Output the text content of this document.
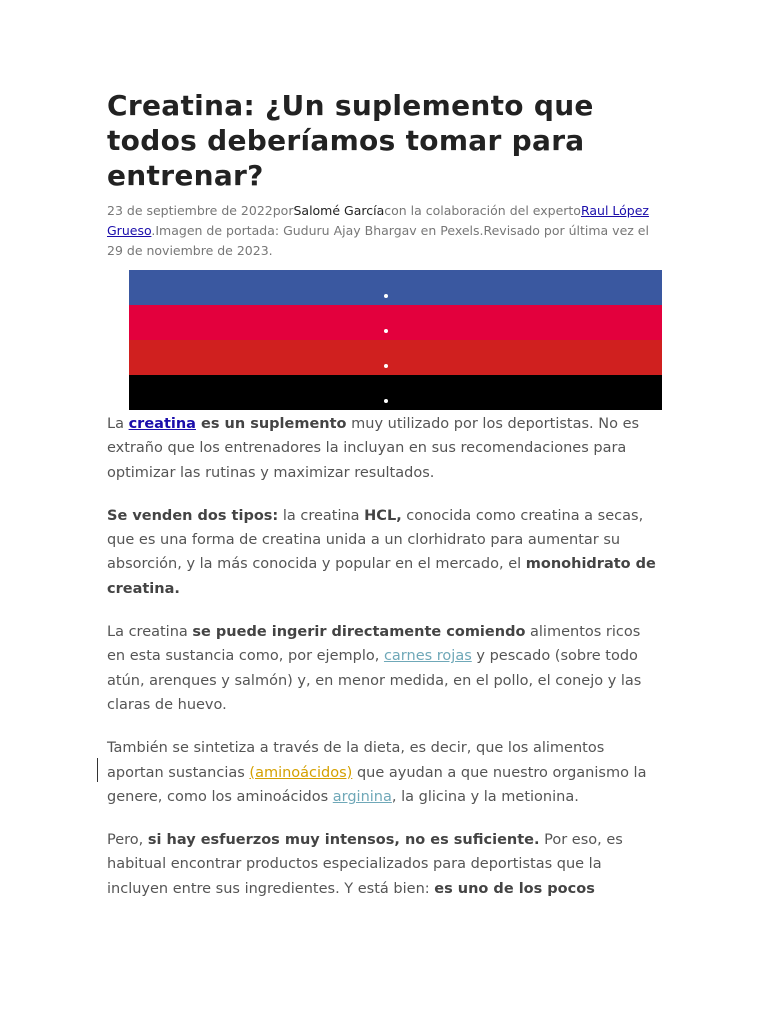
Creatina: ¿Un suplemento que todos deberíamos tomar para entrenar?
23 de septiembre de 2022porSalomé Garcíacon la colaboración del expertoRaul López Grueso.Imagen de portada: Guduru Ajay Bhargav en Pexels.Revisado por última vez el 29 de noviembre de 2023.

La creatina es un suplemento muy utilizado por los deportistas. No es extraño que los entrenadores la incluyan en sus recomendaciones para optimizar las rutinas y maximizar resultados.

Se venden dos tipos: la creatina HCL, conocida como creatina a secas, que es una forma de creatina unida a un clorhidrato para aumentar su absorción, y la más conocida y popular en el mercado, el monohidrato de creatina.

La creatina se puede ingerir directamente comiendo alimentos ricos en esta sustancia como, por ejemplo, carnes rojas y pescado (sobre todo atún, arenques y salmón) y, en menor medida, en el pollo, el conejo y las claras de huevo.

También se sintetiza a través de la dieta, es decir, que los alimentos aportan sustancias (aminoácidos) que ayudan a que nuestro organismo la genere, como los aminoácidos arginina, la glicina y la metionina.

Pero, si hay esfuerzos muy intensos, no es suficiente. Por eso, es habitual encontrar productos especializados para deportistas que la incluyen entre sus ingredientes. Y está bien: es uno de los pocos
